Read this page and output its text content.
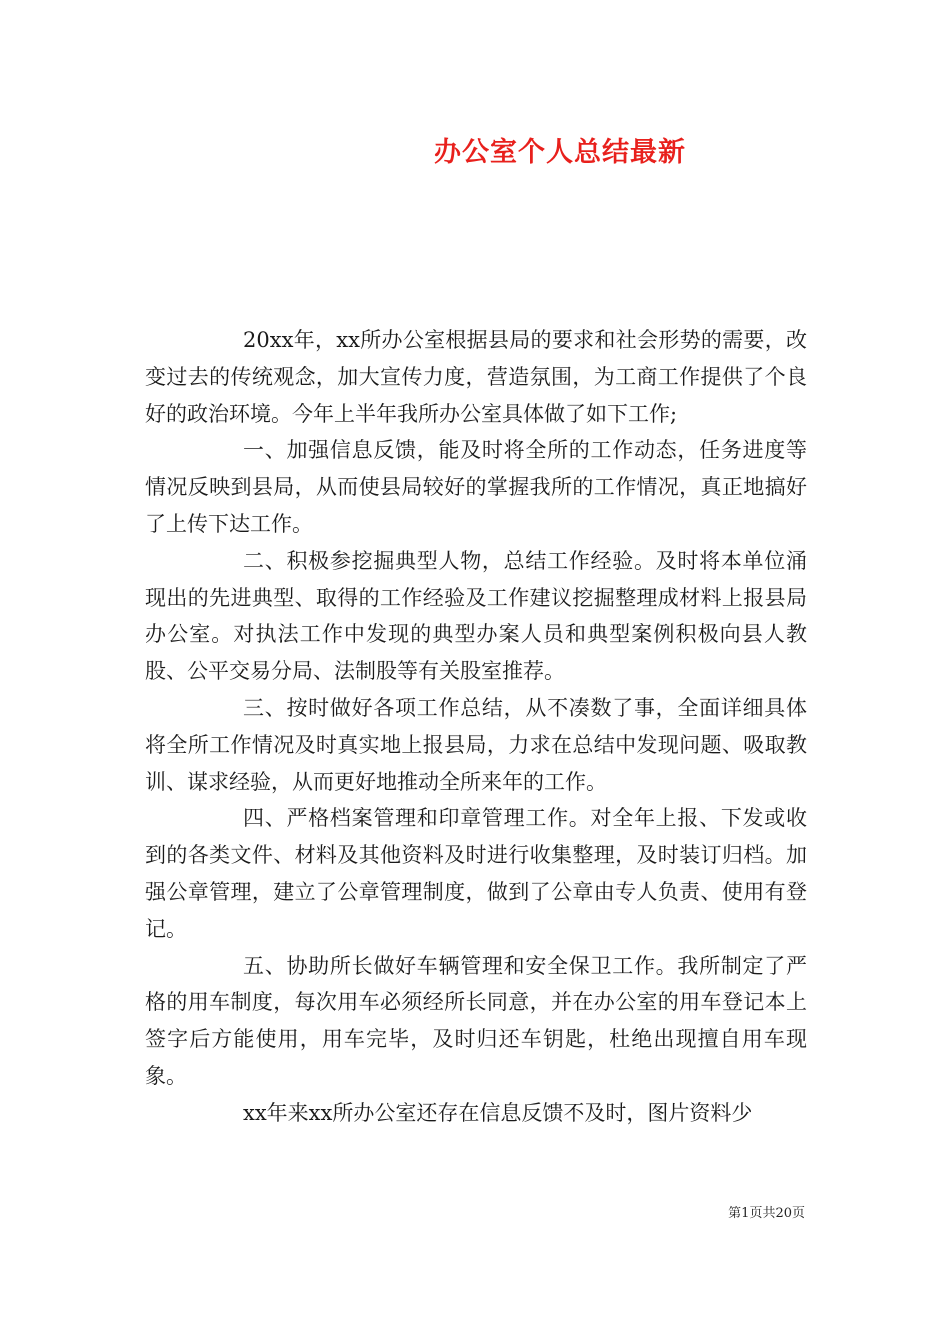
办公室个人总结最新

20xx年，xx所办公室根据县局的要求和社会形势的需要，改变过去的传统观念，加大宣传力度，营造氛围，为工商工作提供了个良好的政治环境。今年上半年我所办公室具体做了如下工作;

一、加强信息反馈，能及时将全所的工作动态，任务进度等情况反映到县局，从而使县局较好的掌握我所的工作情况，真正地搞好了上传下达工作。

二、积极参挖掘典型人物，总结工作经验。及时将本单位涌现出的先进典型、取得的工作经验及工作建议挖掘整理成材料上报县局办公室。对执法工作中发现的典型办案人员和典型案例积极向县人教股、公平交易分局、法制股等有关股室推荐。

三、按时做好各项工作总结，从不凑数了事，全面详细具体将全所工作情况及时真实地上报县局，力求在总结中发现问题、吸取教训、谋求经验，从而更好地推动全所来年的工作。

四、严格档案管理和印章管理工作。对全年上报、下发或收到的各类文件、材料及其他资料及时进行收集整理，及时装订归档。加强公章管理，建立了公章管理制度，做到了公章由专人负责、使用有登记。

五、协助所长做好车辆管理和安全保卫工作。我所制定了严格的用车制度，每次用车必须经所长同意，并在办公室的用车登记本上签字后方能使用，用车完毕，及时归还车钥匙，杜绝出现擅自用车现象。

xx年来xx所办公室还存在信息反馈不及时，图片资料少

第1页共20页
